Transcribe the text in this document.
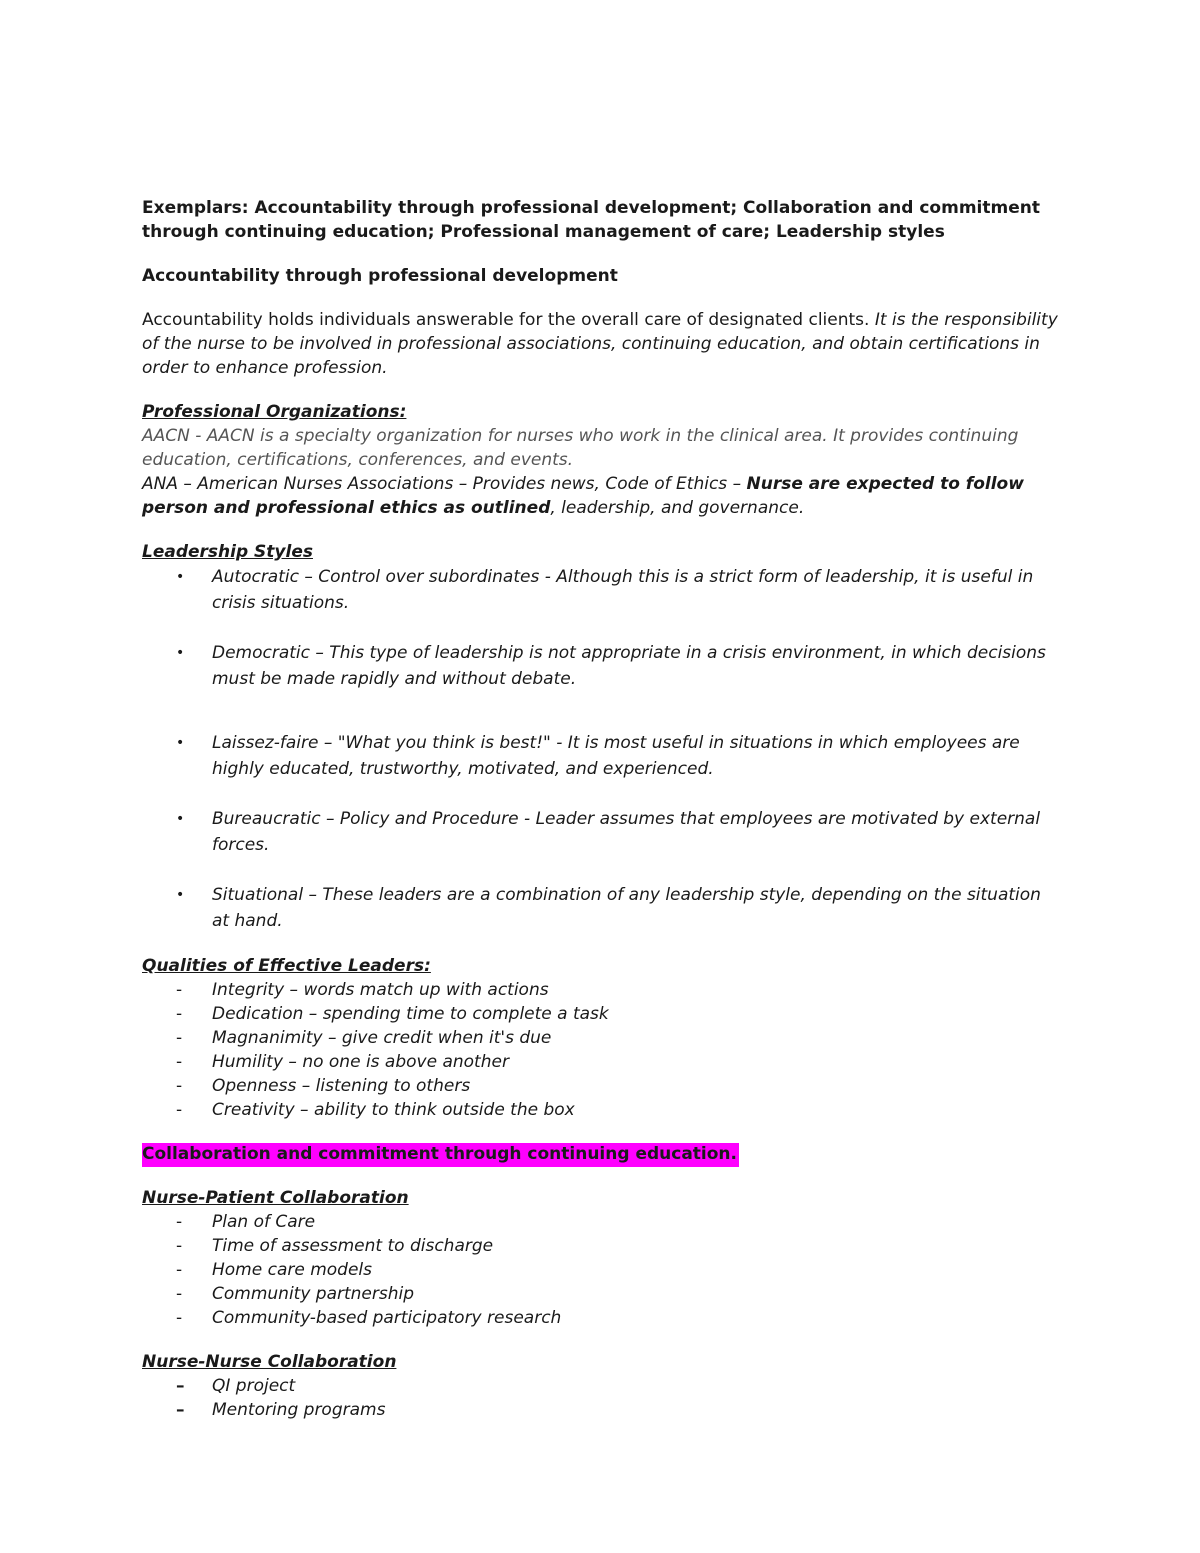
Exemplars: Accountability through professional development; Collaboration and commitment through continuing education; Professional management of care; Leadership styles

Accountability through professional development

Accountability holds individuals answerable for the overall care of designated clients. It is the responsibility of the nurse to be involved in professional associations, continuing education, and obtain certifications in order to enhance profession.

Professional Organizations:

AACN - AACN is a specialty organization for nurses who work in the clinical area. It provides continuing education, certifications, conferences, and events.

ANA – American Nurses Associations – Provides news, Code of Ethics – Nurse are expected to follow person and professional ethics as outlined, leadership, and governance.

Leadership Styles

• Autocratic – Control over subordinates - Although this is a strict form of leadership, it is useful in crisis situations.
• Democratic – This type of leadership is not appropriate in a crisis environment, in which decisions must be made rapidly and without debate.
• Laissez-faire – "What you think is best!" - It is most useful in situations in which employees are highly educated, trustworthy, motivated, and experienced.
• Bureaucratic – Policy and Procedure - Leader assumes that employees are motivated by external forces.
• Situational – These leaders are a combination of any leadership style, depending on the situation at hand.

Qualities of Effective Leaders:

- Integrity – words match up with actions
- Dedication – spending time to complete a task
- Magnanimity – give credit when it's due
- Humility – no one is above another
- Openness – listening to others
- Creativity – ability to think outside the box

Collaboration and commitment through continuing education.

Nurse-Patient Collaboration

- Plan of Care
- Time of assessment to discharge
- Home care models
- Community partnership
- Community-based participatory research

Nurse-Nurse Collaboration

– QI project
– Mentoring programs
